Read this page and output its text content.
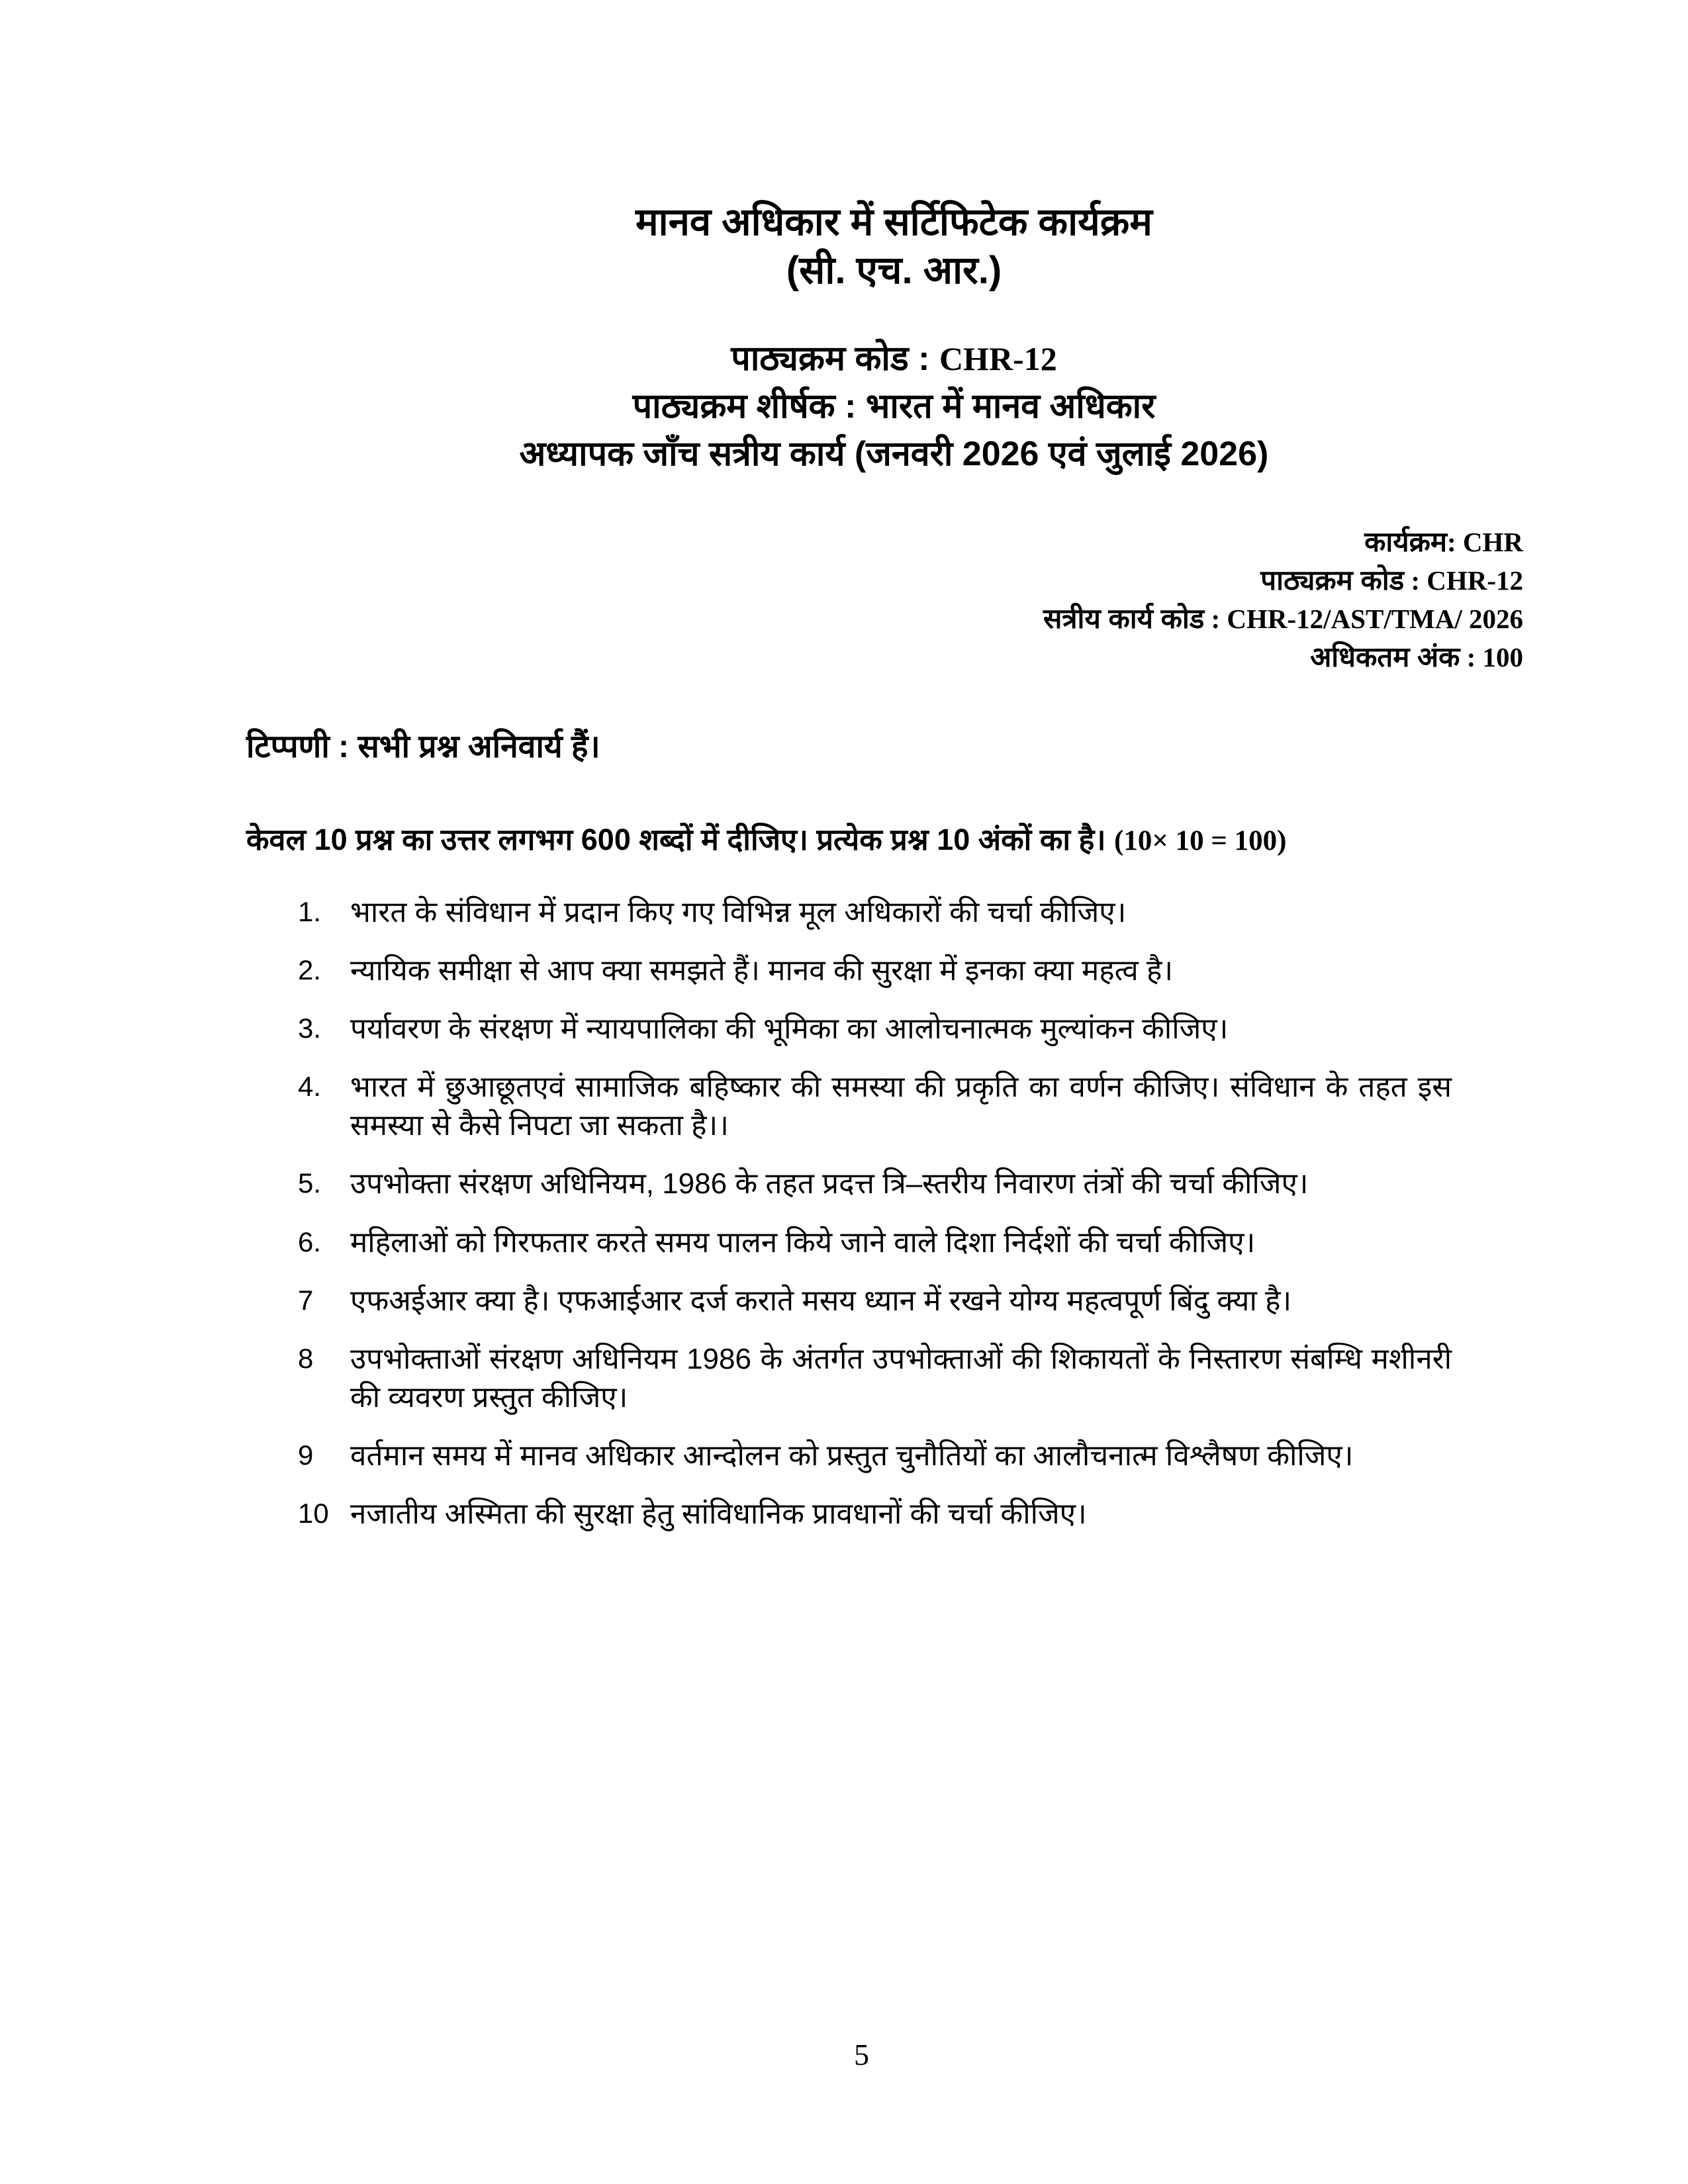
मानव अधिकार में सर्टिफिटेक कार्यक्रम
(सी. एच. आर.)
पाठ्यक्रम कोड : CHR-12
पाठ्यक्रम शीर्षक : भारत में मानव अधिकार
अध्यापक जाँच सत्रीय कार्य (जनवरी 2026 एवं जुलाई 2026)
कार्यक्रम: CHR
पाठ्यक्रम कोड : CHR-12
सत्रीय कार्य कोड : CHR-12/AST/TMA/ 2026
अधिकतम अंक : 100
टिप्पणी : सभी प्रश्न अनिवार्य हैं।
केवल 10 प्रश्न का उत्तर लगभग 600 शब्दों में दीजिए। प्रत्येक प्रश्न 10 अंकों का है। (10× 10 = 100)
1. भारत के संविधान में प्रदान किए गए विभिन्न मूल अधिकारों की चर्चा कीजिए।
2. न्यायिक समीक्षा से आप क्या समझते हैं। मानव की सुरक्षा में इनका क्या महत्व है।
3. पर्यावरण के संरक्षण में न्यायपालिका की भूमिका का आलोचनात्मक मुल्यांकन कीजिए।
4. भारत में छुआछूतएवं सामाजिक बहिष्कार की समस्या की प्रकृति का वर्णन कीजिए। संविधान के तहत इस समस्या से कैसे निपटा जा सकता है।।
5. उपभोक्ता संरक्षण अधिनियम, 1986 के तहत प्रदत्त त्रि–स्तरीय निवारण तंत्रों की चर्चा कीजिए।
6. महिलाओं को गिरफतार करते समय पालन किये जाने वाले दिशा निर्दशों की चर्चा कीजिए।
7	एफअईआर क्या है। एफआईआर दर्ज कराते मसय ध्यान में रखने योग्य महत्वपूर्ण बिंदु क्या है।
8	उपभोक्ताओं संरक्षण अधिनियम 1986 के अंतर्गत उपभोक्ताओं की शिकायतों के निस्तारण संबम्धि मशीनरी की व्यवरण प्रस्तुत कीजिए।
9	वर्तमान समय में मानव अधिकार आन्दोलन को प्रस्तुत चुनौतियों का आलौचनात्म विश्लैषण कीजिए।
10 नजातीय अस्मिता की सुरक्षा हेतु सांविधानिक प्रावधानों की चर्चा कीजिए।
5
